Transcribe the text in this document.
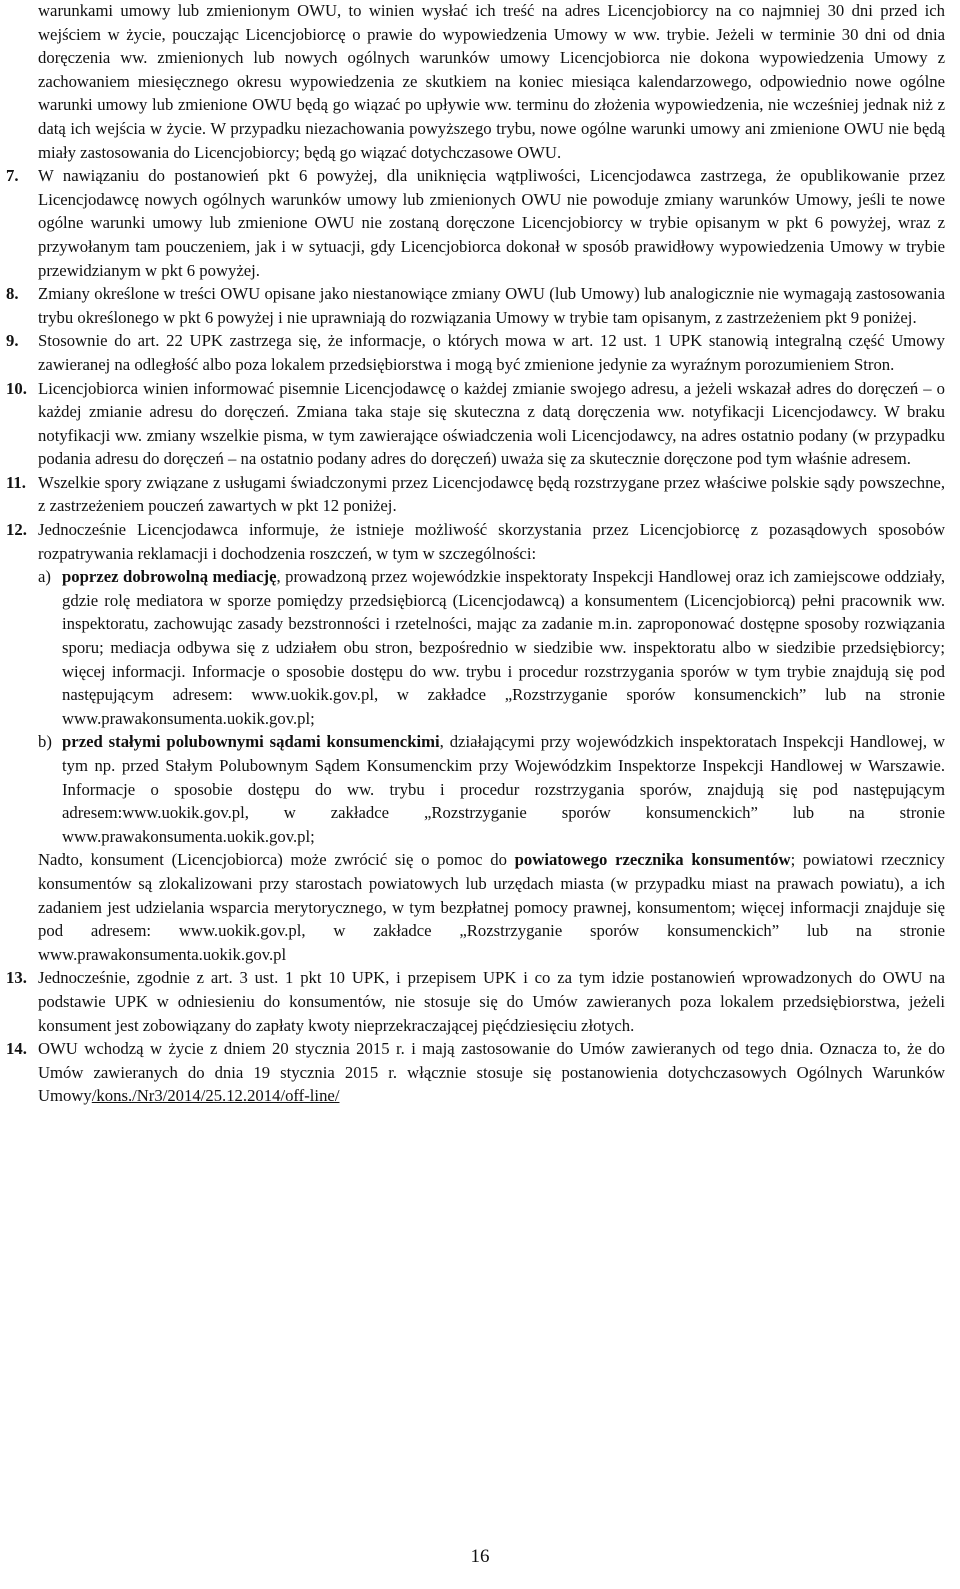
warunkami umowy lub zmienionym OWU, to winien wysłać ich treść na adres Licencjobiorcy na co najmniej 30 dni przed ich wejściem w życie, pouczając Licencjobiorcę o prawie do wypowiedzenia Umowy w ww. trybie. Jeżeli w terminie 30 dni od dnia doręczenia ww. zmienionych lub nowych ogólnych warunków umowy Licencjobiorca nie dokona wypowiedzenia Umowy z zachowaniem miesięcznego okresu wypowiedzenia ze skutkiem na koniec miesiąca kalendarzowego, odpowiednio nowe ogólne warunki umowy lub zmienione OWU będą go wiązać po upływie ww. terminu do złożenia wypowiedzenia, nie wcześniej jednak niż z datą ich wejścia w życie. W przypadku niezachowania powyższego trybu, nowe ogólne warunki umowy ani zmienione OWU nie będą miały zastosowania do Licencjobiorcy; będą go wiązać dotychczasowe OWU.

7.	W nawiązaniu do postanowień pkt 6 powyżej, dla uniknięcia wątpliwości, Licencjodawca zastrzega, że opublikowanie przez Licencjodawcę nowych ogólnych warunków umowy lub zmienionych OWU nie powoduje zmiany warunków Umowy, jeśli te nowe ogólne warunki umowy lub zmienione OWU nie zostaną doręczone Licencjobiorcy w trybie opisanym w pkt 6 powyżej, wraz z przywołanym tam pouczeniem, jak i w sytuacji, gdy Licencjobiorca dokonał w sposób prawidłowy wypowiedzenia Umowy w trybie przewidzianym w pkt 6 powyżej.
8.	Zmiany określone w treści OWU opisane jako niestanowiące zmiany OWU (lub Umowy) lub analogicznie nie wymagają zastosowania trybu określonego w pkt 6 powyżej i nie uprawniają do rozwiązania Umowy w trybie tam opisanym, z zastrzeżeniem pkt 9 poniżej.
9.	Stosownie do art. 22 UPK zastrzega się, że informacje, o których mowa w art. 12 ust. 1 UPK stanowią integralną część Umowy zawieranej na odległość albo poza lokalem przedsiębiorstwa i mogą być zmienione jedynie za wyraźnym porozumieniem Stron.
10. Licencjobiorca winien informować pisemnie Licencjodawcę o każdej zmianie swojego adresu, a jeżeli wskazał adres do doręczeń – o każdej zmianie adresu do doręczeń. Zmiana taka staje się skuteczna z datą doręczenia ww. notyfikacji Licencjodawcy. W braku notyfikacji ww. zmiany wszelkie pisma, w tym zawierające oświadczenia woli Licencjodawcy, na adres ostatnio podany (w przypadku podania adresu do doręczeń – na ostatnio podany adres do doręczeń) uważa się za skutecznie doręczone pod tym właśnie adresem.
11. Wszelkie spory związane z usługami świadczonymi przez Licencjodawcę będą rozstrzygane przez właściwe polskie sądy powszechne, z zastrzeżeniem pouczeń zawartych w pkt 12 poniżej.
12. Jednocześnie Licencjodawca informuje, że istnieje możliwość skorzystania przez Licencjobiorcę z pozasądowych sposobów rozpatrywania reklamacji i dochodzenia roszczeń, w tym w szczególności:
a) poprzez dobrowolną mediację, prowadzoną przez wojewódzkie inspektoraty Inspekcji Handlowej oraz ich zamiejscowe oddziały, gdzie rolę mediatora w sporze pomiędzy przedsiębiorcą (Licencjodawcą) a konsumentem (Licencjobiorcą) pełni pracownik ww. inspektoratu, zachowując zasady bezstronności i rzetelności, mając za zadanie m.in. zaproponować dostępne sposoby rozwiązania sporu; mediacja odbywa się z udziałem obu stron, bezpośrednio w siedzibie ww. inspektoratu albo w siedzibie przedsiębiorcy; więcej informacji. Informacje o sposobie dostępu do ww. trybu i procedur rozstrzygania sporów w tym trybie znajdują się pod następującym adresem: www.uokik.gov.pl, w zakładce „Rozstrzyganie sporów konsumenckich” lub na stronie www.prawakonsumenta.uokik.gov.pl;
b) przed stałymi polubownymi sądami konsumenckimi, działającymi przy wojewódzkich inspektoratach Inspekcji Handlowej, w tym np. przed Stałym Polubownym Sądem Konsumenckim przy Wojewódzkim Inspektorze Inspekcji Handlowej w Warszawie. Informacje o sposobie dostępu do ww. trybu i procedur rozstrzygania sporów, znajdują się pod następującym adresem:www.uokik.gov.pl, w zakładce „Rozstrzyganie sporów konsumenckich” lub na stronie www.prawakonsumenta.uokik.gov.pl;

Nadto, konsument (Licencjobiorca) może zwrócić się o pomoc do powiatowego rzecznika konsumentów; powiatowi rzecznicy konsumentów są zlokalizowani przy starostach powiatowych lub urzędach miasta (w przypadku miast na prawach powiatu), a ich zadaniem jest udzielania wsparcia merytorycznego, w tym bezpłatnej pomocy prawnej, konsumentom; więcej informacji znajduje się pod adresem: www.uokik.gov.pl, w zakładce „Rozstrzyganie sporów konsumenckich” lub na stronie www.prawakonsumenta.uokik.gov.pl

13. Jednocześnie, zgodnie z art. 3 ust. 1 pkt 10 UPK, i przepisem UPK i co za tym idzie postanowień wprowadzonych do OWU na podstawie UPK w odniesieniu do konsumentów, nie stosuje się do Umów zawieranych poza lokalem przedsiębiorstwa, jeżeli konsument jest zobowiązany do zapłaty kwoty nieprzekraczającej pięćdziesięciu złotych.
14. OWU wchodzą w życie z dniem 20 stycznia 2015 r. i mają zastosowanie do Umów zawieranych od tego dnia. Oznacza to, że do Umów zawieranych do dnia 19 stycznia 2015 r. włącznie stosuje się postanowienia dotychczasowych Ogólnych Warunków Umowy/kons./Nr3/2014/25.12.2014/off-line/
16
